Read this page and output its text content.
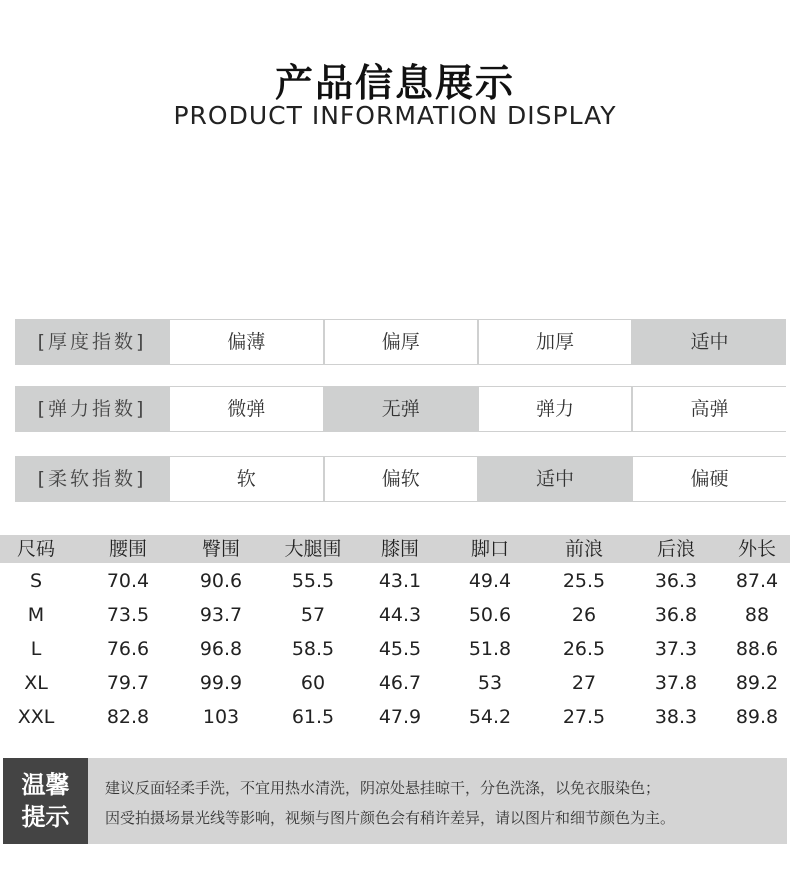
产品信息展示
PRODUCT INFORMATION DISPLAY
[厚度指数]	偏薄	偏厚	加厚	适中
[弹力指数]	微弹	无弹	弹力	高弹
[柔软指数]	软	偏软	适中	偏硬
尺码	腰围	臀围	大腿围	膝围	脚口	前浪	后浪	外长
S	70.4	90.6	55.5	43.1	49.4	25.5	36.3	87.4
M	73.5	93.7	57	44.3	50.6	26	36.8	88
L	76.6	96.8	58.5	45.5	51.8	26.5	37.3	88.6
XL	79.7	99.9	60	46.7	53	27	37.8	89.2
XXL	82.8	103	61.5	47.9	54.2	27.5	38.3	89.8
温馨
提示
建议反面轻柔手洗，不宜用热水清洗，阴凉处悬挂晾干，分色洗涤，以免衣服染色；
因受拍摄场景光线等影响，视频与图片颜色会有稍许差异，请以图片和细节颜色为主。
